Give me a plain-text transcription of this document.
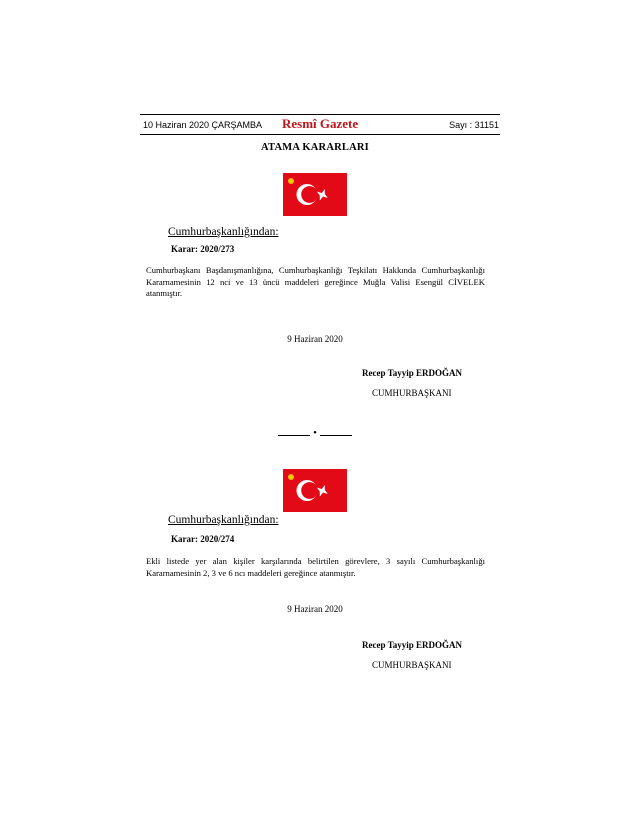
10 Haziran 2020 ÇARŞAMBA Resmî Gazete	Sayı : 31151
ATAMA KARARLARI
Cumhurbaşkanlığından:
Karar: 2020/273
Cumhurbaşkanı Başdanışmanlığına, Cumhurbaşkanlığı Teşkilatı Hakkında Cumhurbaşkanlığı
Kararnamesinin 12 nci ve 13 üncü maddeleri gereğince Muğla Valisi Esengül CİVELEK
atanmıştır.
9 Haziran 2020
Recep Tayyip ERDOĞAN
CUMHURBAŞKANI
•
Cumhurbaşkanlığından:
Karar: 2020/274
Ekli listede yer alan kişiler karşılarında belirtilen görevlere, 3 sayılı Cumhurbaşkanlığı
Kararnamesinin 2, 3 ve 6 ncı maddeleri gereğince atanmıştır.
9 Haziran 2020
Recep Tayyip ERDOĞAN
CUMHURBAŞKANI
